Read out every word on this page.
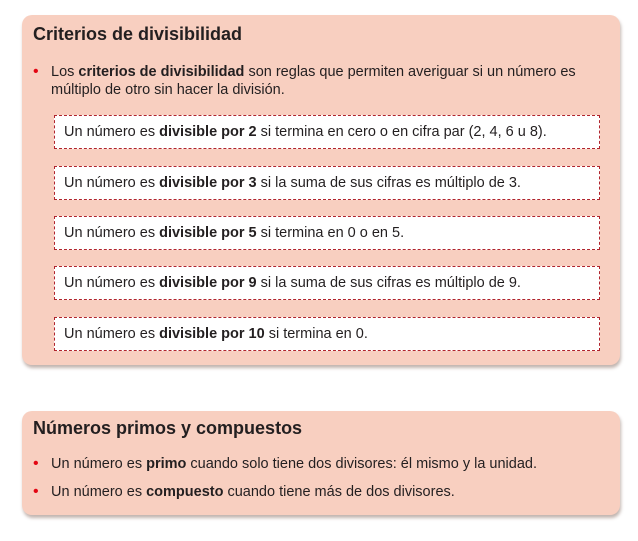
Criterios de divisibilidad
• Los criterios de divisibilidad son reglas que permiten averiguar si un número es múltiplo de otro sin hacer la división.
Un número es divisible por 2 si termina en cero o en cifra par (2, 4, 6 u 8).
Un número es divisible por 3 si la suma de sus cifras es múltiplo de 3.
Un número es divisible por 5 si termina en 0 o en 5.
Un número es divisible por 9 si la suma de sus cifras es múltiplo de 9.
Un número es divisible por 10 si termina en 0.
Números primos y compuestos
• Un número es primo cuando solo tiene dos divisores: él mismo y la unidad.
• Un número es compuesto cuando tiene más de dos divisores.
